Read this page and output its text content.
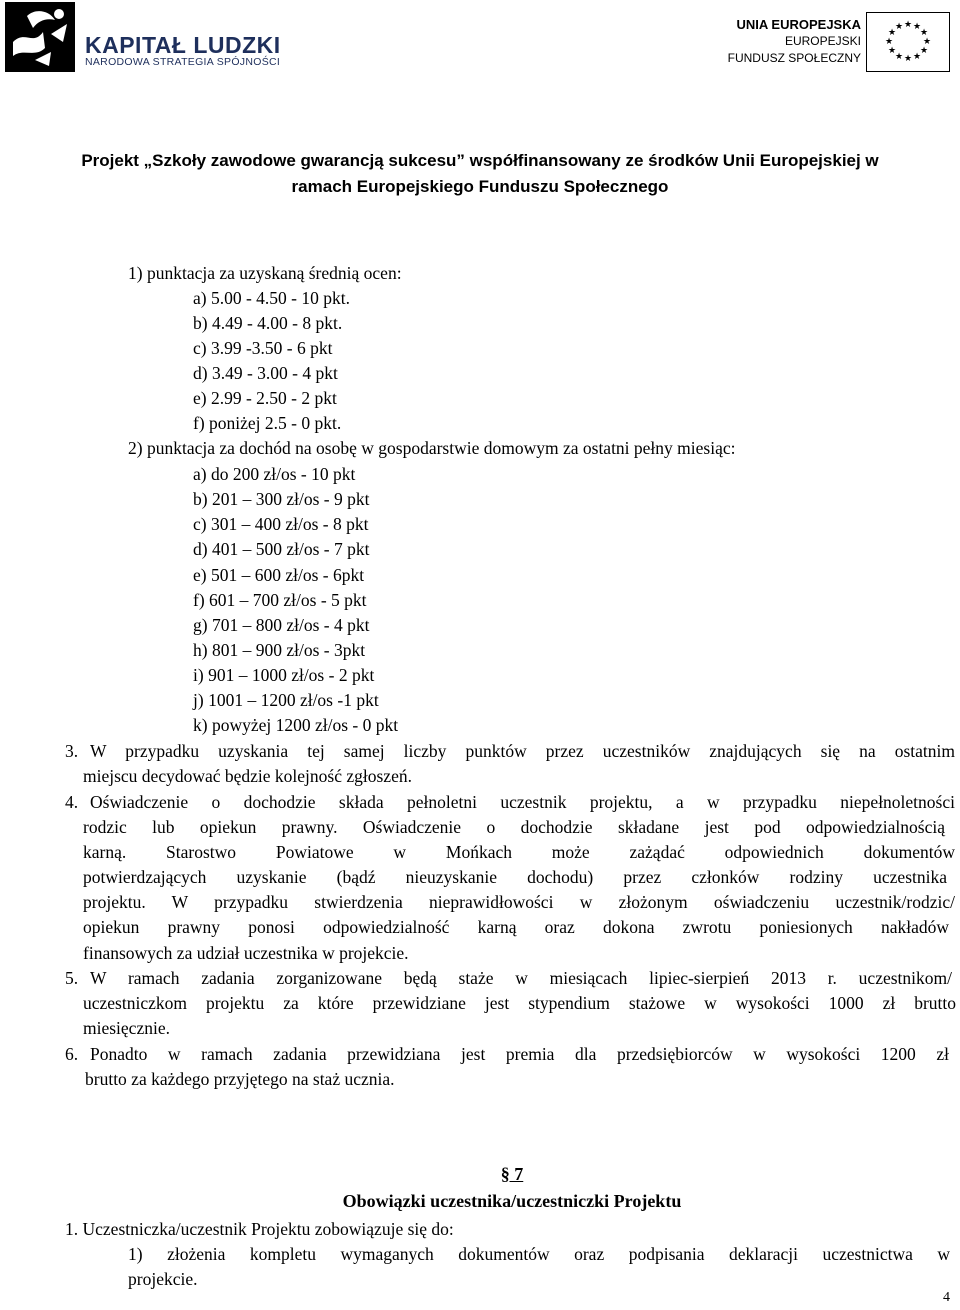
KAPITAŁ LUDZKI
NARODOWA STRATEGIA SPÓJNOŚCI
UNIA EUROPEJSKA
EUROPEJSKI
FUNDUSZ SPOŁECZNY
★ ★
★
★
★
★
★
★
★
★
★
★
Projekt „Szkoły zawodowe gwarancją sukcesu” współfinansowany ze środków Unii Europejskiej w
ramach Europejskiego Funduszu Społecznego
1) punktacja za uzyskaną średnią ocen:
a) 5.00 - 4.50 - 10 pkt.
b) 4.49 - 4.00 - 8 pkt.
c) 3.99 -3.50 - 6 pkt
d) 3.49 - 3.00 - 4 pkt
e) 2.99 - 2.50 - 2 pkt
f) poniżej 2.5 - 0 pkt.
2) punktacja za dochód na osobę w gospodarstwie domowym za ostatni pełny miesiąc:
a) do 200 zł/os - 10 pkt
b) 201 – 300 zł/os - 9 pkt
c) 301 – 400 zł/os - 8 pkt
d) 401 – 500 zł/os - 7 pkt
e) 501 – 600 zł/os - 6pkt
f) 601 – 700 zł/os - 5 pkt
g) 701 – 800 zł/os - 4 pkt
h) 801 – 900 zł/os - 3pkt
i) 901 – 1000 zł/os - 2 pkt
j) 1001 – 1200 zł/os -1 pkt
k) powyżej 1200 zł/os - 0 pkt
3. W przypadku uzyskania tej samej liczby punktów przez uczestników znajdujących się na ostatnim
miejscu decydować będzie kolejność zgłoszeń.
4. Oświadczenie o dochodzie składa pełnoletni uczestnik projektu, a w przypadku niepełnoletności
rodzic lub opiekun prawny. Oświadczenie o dochodzie składane jest pod odpowiedzialnością
karną. Starostwo Powiatowe w Mońkach może zażądać odpowiednich dokumentów
potwierdzających uzyskanie (bądź nieuzyskanie dochodu) przez członków rodziny uczestnika
projektu. W przypadku stwierdzenia nieprawidłowości w złożonym oświadczeniu uczestnik/rodzic/
opiekun prawny ponosi odpowiedzialność karną oraz dokona zwrotu poniesionych nakładów
finansowych za udział uczestnika w projekcie.
5. W ramach zadania zorganizowane będą staże w miesiącach lipiec-sierpień 2013 r. uczestnikom/
uczestniczkom projektu za które przewidziane jest stypendium stażowe w wysokości 1000 zł brutto
miesięcznie.
6. Ponadto w ramach zadania przewidziana jest premia dla przedsiębiorców w wysokości 1200 zł
brutto za każdego przyjętego na staż ucznia.
§ 7
Obowiązki uczestnika/uczestniczki Projektu
1. Uczestniczka/uczestnik Projektu zobowiązuje się do:
1) złożenia kompletu wymaganych dokumentów oraz podpisania deklaracji uczestnictwa w
projekcie.
4
